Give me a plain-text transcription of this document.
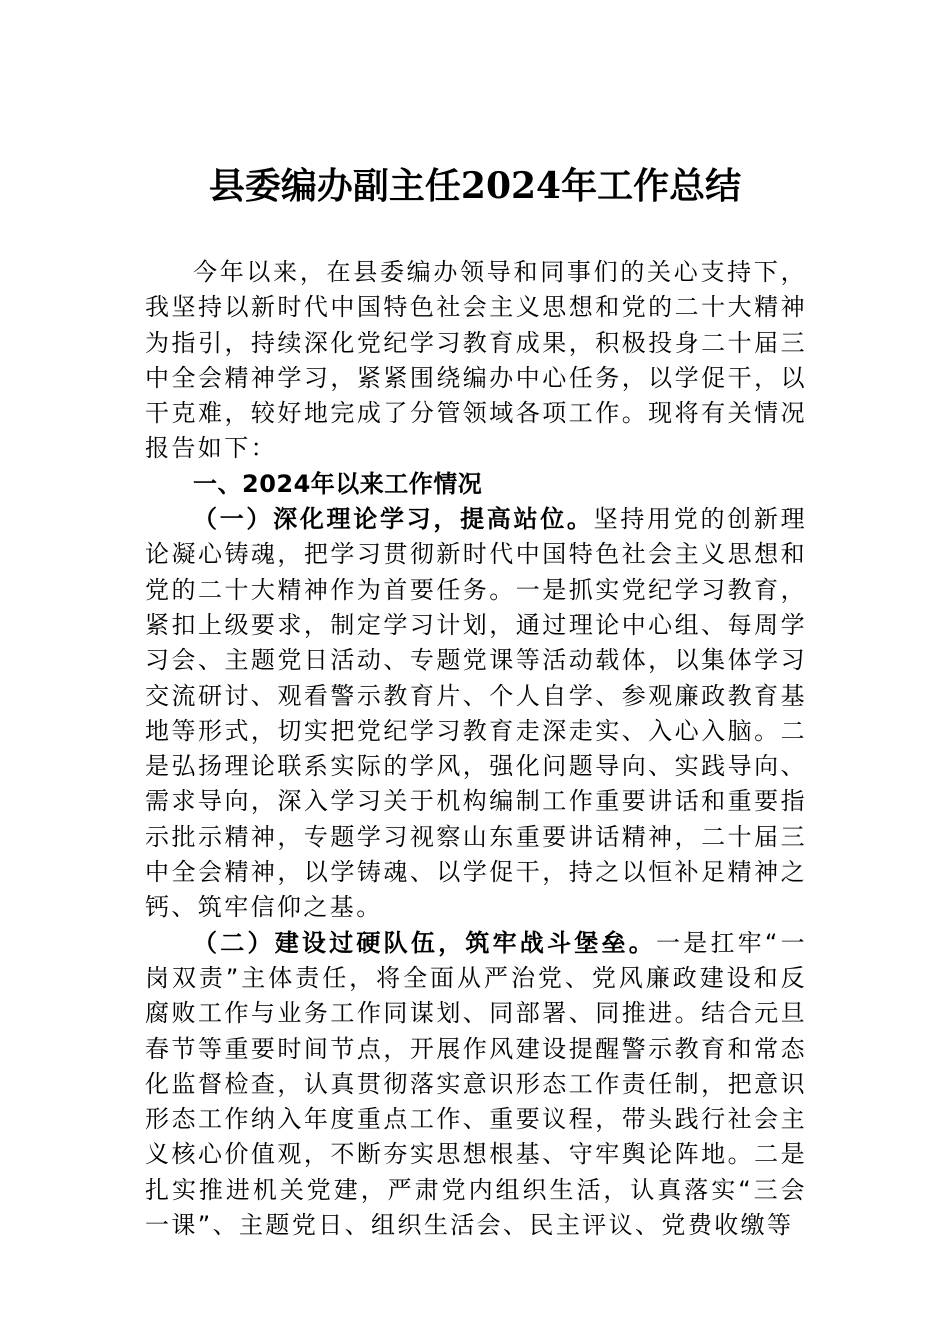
县委编办副主任2024年工作总结

今年以来，在县委编办领导和同事们的关心支持下，我坚持以新时代中国特色社会主义思想和党的二十大精神为指引，持续深化党纪学习教育成果，积极投身二十届三中全会精神学习，紧紧围绕编办中心任务，以学促干，以干克难，较好地完成了分管领域各项工作。现将有关情况报告如下：

一、2024年以来工作情况

（一）深化理论学习，提高站位。坚持用党的创新理论凝心铸魂，把学习贯彻新时代中国特色社会主义思想和党的二十大精神作为首要任务。一是抓实党纪学习教育，紧扣上级要求，制定学习计划，通过理论中心组、每周学习会、主题党日活动、专题党课等活动载体，以集体学习交流研讨、观看警示教育片、个人自学、参观廉政教育基地等形式，切实把党纪学习教育走深走实、入心入脑。二是弘扬理论联系实际的学风，强化问题导向、实践导向、需求导向，深入学习关于机构编制工作重要讲话和重要指示批示精神，专题学习视察山东重要讲话精神，二十届三中全会精神，以学铸魂、以学促干，持之以恒补足精神之钙、筑牢信仰之基。

（二）建设过硬队伍，筑牢战斗堡垒。一是扛牢“一岗双责”主体责任，将全面从严治党、党风廉政建设和反腐败工作与业务工作同谋划、同部署、同推进。结合元旦春节等重要时间节点，开展作风建设提醒警示教育和常态化监督检查，认真贯彻落实意识形态工作责任制，把意识形态工作纳入年度重点工作、重要议程，带头践行社会主义核心价值观，不断夯实思想根基、守牢舆论阵地。二是扎实推进机关党建，严肃党内组织生活，认真落实“三会一课”、主题党日、组织生活会、民主评议、党费收缴等
